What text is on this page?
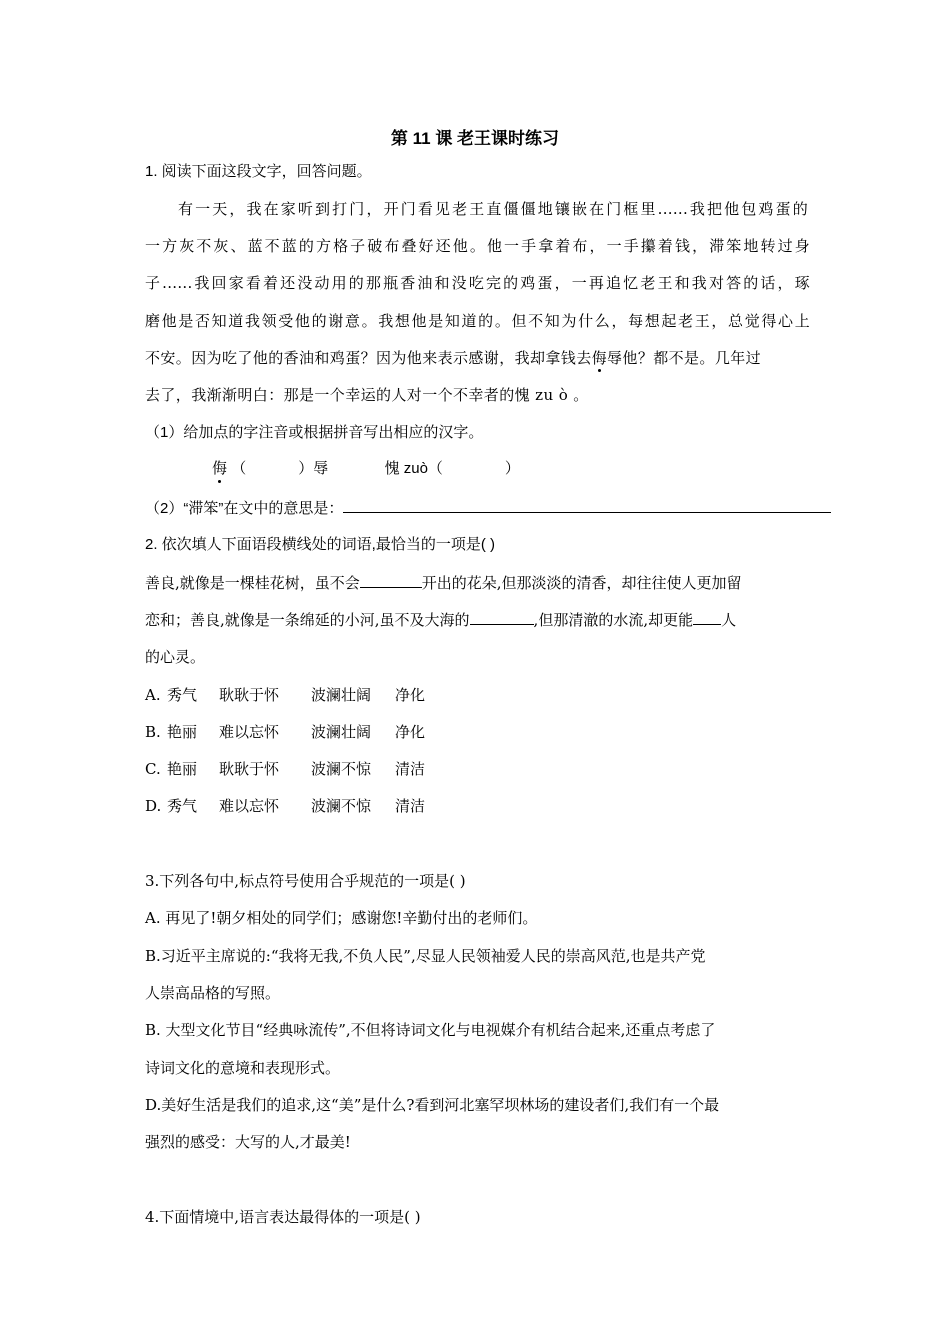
第 11 课 老王课时练习
1. 阅读下面这段文字，回答问题。
有一天，我在家听到打门，开门看见老王直僵僵地镶嵌在门框里......我把他包鸡蛋的
一方灰不灰、蓝不蓝的方格子破布叠好还他。他一手拿着布，一手攥着钱，滞笨地转过身
子......我回家看着还没动用的那瓶香油和没吃完的鸡蛋，一再追忆老王和我对答的话，琢
磨他是否知道我领受他的谢意。我想他是知道的。但不知为什么，每想起老王，总觉得心上
不安。因为吃了他的香油和鸡蛋？因为他来表示感谢，我却拿钱去侮辱他？都不是。几年过
去了，我渐渐明白：那是一个幸运的人对一个不幸者的愧 zu ò 。
（1）给加点的字注音或根据拼音写出相应的汉字。
侮 （	）辱	愧 zuò（	）
（2）“滞笨”在文中的意思是：
2. 依次填人下面语段横线处的词语,最恰当的一项是( )
善良,就像是一棵桂花树，虽不会	开出的花朵,但那淡淡的清香，却往往使人更加留
恋和；善良,就像是一条绵延的小河,虽不及大海的	,但那清澈的水流,却更能 人
的心灵。
A. 秀气 耿耿于怀 波澜壮阔 净化
B. 艳丽 难以忘怀 波澜壮阔 净化
C. 艳丽 耿耿于怀 波澜不惊 清洁
D. 秀气 难以忘怀 波澜不惊 清洁
3.下列各句中,标点符号使用合乎规范的一项是( )
A. 再见了!朝夕相处的同学们；感谢您!辛勤付出的老师们。
B.习近平主席说的:“我将无我,不负人民”,尽显人民领袖爱人民的崇高风范,也是共产党
人崇高品格的写照。
B. 大型文化节目“经典咏流传”,不但将诗词文化与电视媒介有机结合起来,还重点考虑了
诗词文化的意境和表现形式。
D.美好生活是我们的追求,这“美”是什么?看到河北塞罕坝林场的建设者们,我们有一个最
强烈的感受：大写的人,才最美!
4.下面情境中,语言表达最得体的一项是( )
